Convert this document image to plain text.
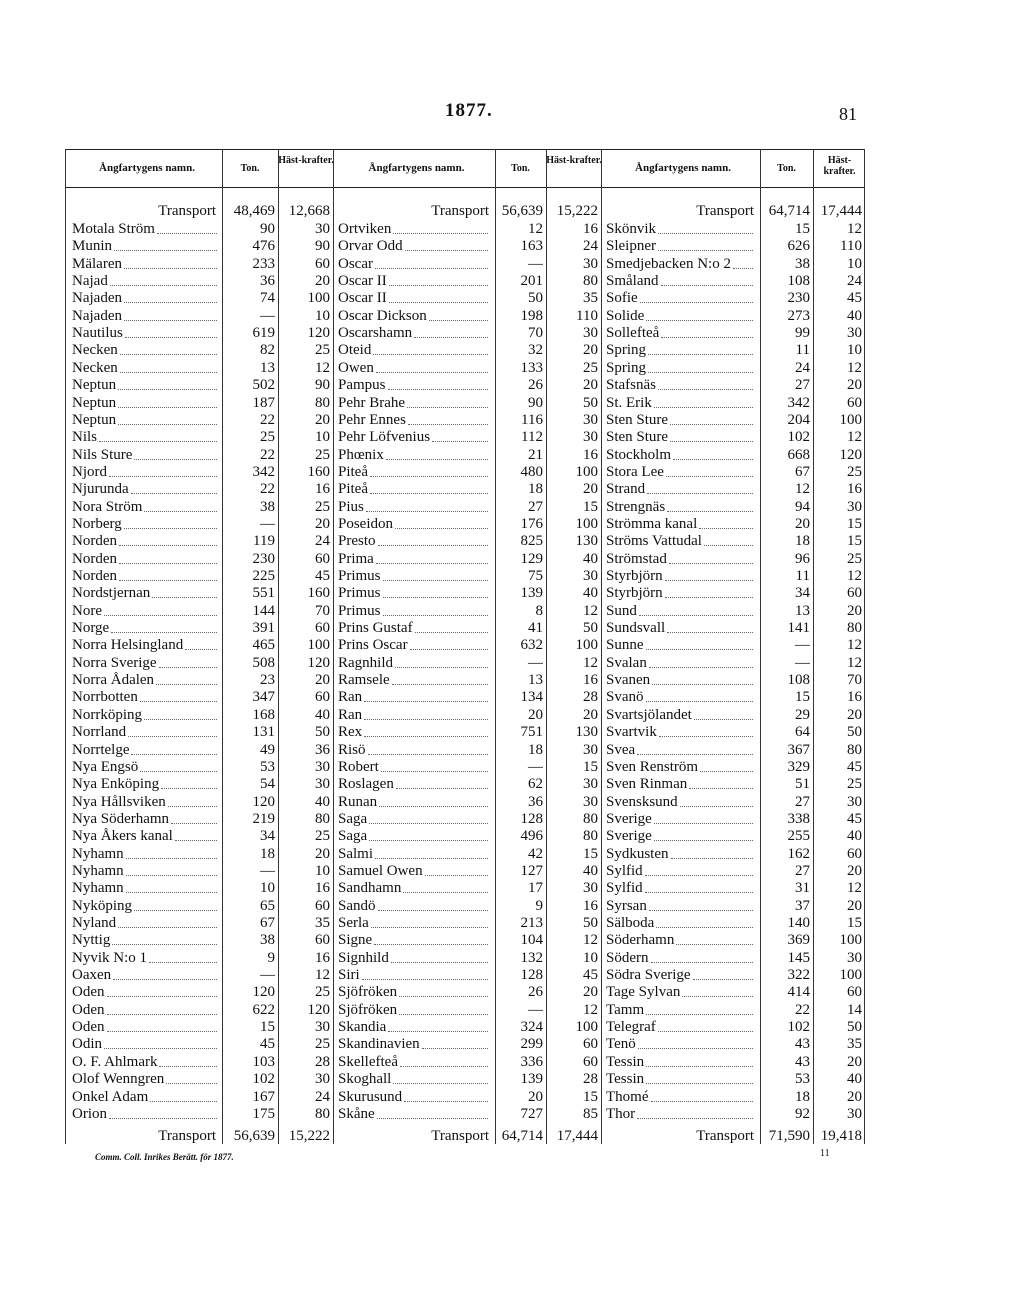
1877.	81
Ångfartygens namn.	Ton.
Häst-krafter.
Transport 48,469 12,668
Motala Ström	90	30
Munin	476	90
Mälaren	233	60
Najad	36	20
Najaden	74	100
Najaden	—	10
Nautilus	619	120
Necken	82	25
Necken	13	12
Neptun	502	90
Neptun	187	80
Neptun	22	20
Nils	25	10
Nils Sture	22	25
Njord	342	160
Njurunda	22	16
Nora Ström	38	25
Norberg	—	20
Norden	119	24
Norden	230	60
Norden	225	45
Nordstjernan	551	160
Nore	144	70
Norge	391	60
Norra Helsingland	465	100
Norra Sverige	508	120
Norra Ådalen	23	20
Norrbotten	347	60
Norrköping	168	40
Norrland	131	50
Norrtelge	49	36
Nya Engsö	53	30
Nya Enköping	54	30
Nya Hållsviken	120	40
Nya Söderhamn	219	80
Nya Åkers kanal	34	25
Nyhamn	18	20
Nyhamn	—	10
Nyhamn	10	16
Nyköping	65	60
Nyland	67	35
Nyttig	38	60
Nyvik N:o 1	9	16
Oaxen	—	12
Oden	120	25
Oden	622	120
Oden	15	30
Odin	45	25
O. F. Ahlmark	103	28
Olof Wenngren	102	30
Onkel Adam	167	24
Orion	175	80
Transport 56,639 15,222
Ångfartygens namn.	Ton.
Häst-krafter.
Transport 56,639 15,222
Ortviken	12	16
Orvar Odd	163	24
Oscar	—	30
Oscar II	201	80
Oscar II	50	35
Oscar Dickson	198	110
Oscarshamn	70	30
Oteid	32	20
Owen	133	25
Pampus	26	20
Pehr Brahe	90	50
Pehr Ennes	116	30
Pehr Löfvenius	112	30
Phœnix	21	16
Piteå	480	100
Piteå	18	20
Pius	27	15
Poseidon	176	100
Presto	825	130
Prima	129	40
Primus	75	30
Primus	139	40
Primus	8	12
Prins Gustaf	41	50
Prins Oscar	632	100
Ragnhild	—	12
Ramsele	13	16
Ran	134	28
Ran	20	20
Rex	751	130
Risö	18	30
Robert	—	15
Roslagen	62	30
Runan	36	30
Saga	128	80
Saga	496	80
Salmi	42	15
Samuel Owen	127	40
Sandhamn	17	30
Sandö	9	16
Serla	213	50
Signe	104	12
Signhild	132	10
Siri	128	45
Sjöfröken	26	20
Sjöfröken	—	12
Skandia	324	100
Skandinavien	299	60
Skellefteå	336	60
Skoghall	139	28
Skurusund	20	15
Skåne	727	85
Transport 64,714 17,444
Ångfartygens namn.	Ton.
Häst-krafter.
Transport 64,714 17,444
Skönvik	15	12
Sleipner	626	110
Smedjebacken N:o 2	38	10
Småland	108	24
Sofie	230	45
Solide	273	40
Sollefteå	99	30
Spring	11	10
Spring	24	12
Stafsnäs	27	20
St. Erik	342	60
Sten Sture	204	100
Sten Sture	102	12
Stockholm	668	120
Stora Lee	67	25
Strand	12	16
Strengnäs	94	30
Strömma kanal	20	15
Ströms Vattudal	18	15
Strömstad	96	25
Styrbjörn	11	12
Styrbjörn	34	60
Sund	13	20
Sundsvall	141	80
Sunne	—	12
Svalan	—	12
Svanen	108	70
Svanö	15	16
Svartsjölandet	29	20
Svartvik	64	50
Svea	367	80
Sven Renström	329	45
Sven Rinman	51	25
Svensksund	27	30
Sverige	338	45
Sverige	255	40
Sydkusten	162	60
Sylfid	27	20
Sylfid	31	12
Syrsan	37	20
Sälboda	140	15
Söderhamn	369	100
Södern	145	30
Södra Sverige	322	100
Tage Sylvan	414	60
Tamm	22	14
Telegraf	102	50
Tenö	43	35
Tessin	43	20
Tessin	53	40
Thomé	18	20
Thor	92	30
Transport 71,590 19,418
Comm. Coll. Inrikes Berätt. för 1877.	11
